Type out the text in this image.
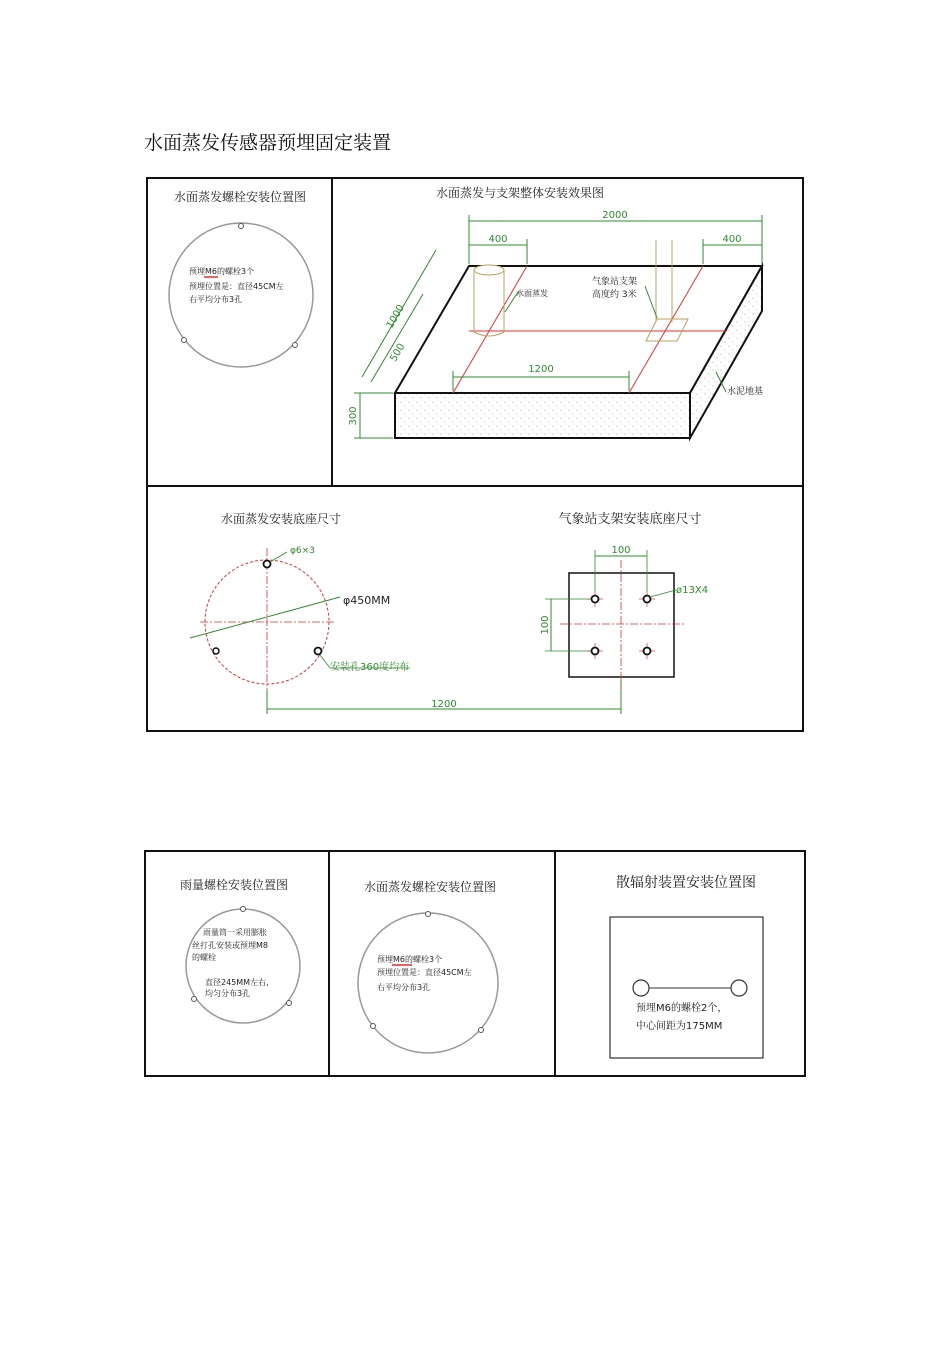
水面蒸发传感器预埋固定装置
水面蒸发螺栓安装位置图
预埋M6的螺栓3个
预埋位置是：直径45CM左
右平均分布3孔
水面蒸发与支架整体安装效果图
2000
400	400
1000
500
1200
300
水面蒸发
气象站支架
高度约 3米
水泥地基
水面蒸发安装底座尺寸	气象站支架安装底座尺寸
φ6×3
φ450MM
安装孔360度均布
1200
100
100
ø13X4
雨量螺栓安装位置图
雨量筒一采用膨胀
丝打孔安装或预埋M8
的螺栓
直径245MM左右,
均匀分布3孔
水面蒸发螺栓安装位置图
预埋M6的螺栓3个
预埋位置是：直径45CM左
右平均分布3孔
散辐射装置安装位置图
预埋M6的螺栓2个，
中心间距为175MM
